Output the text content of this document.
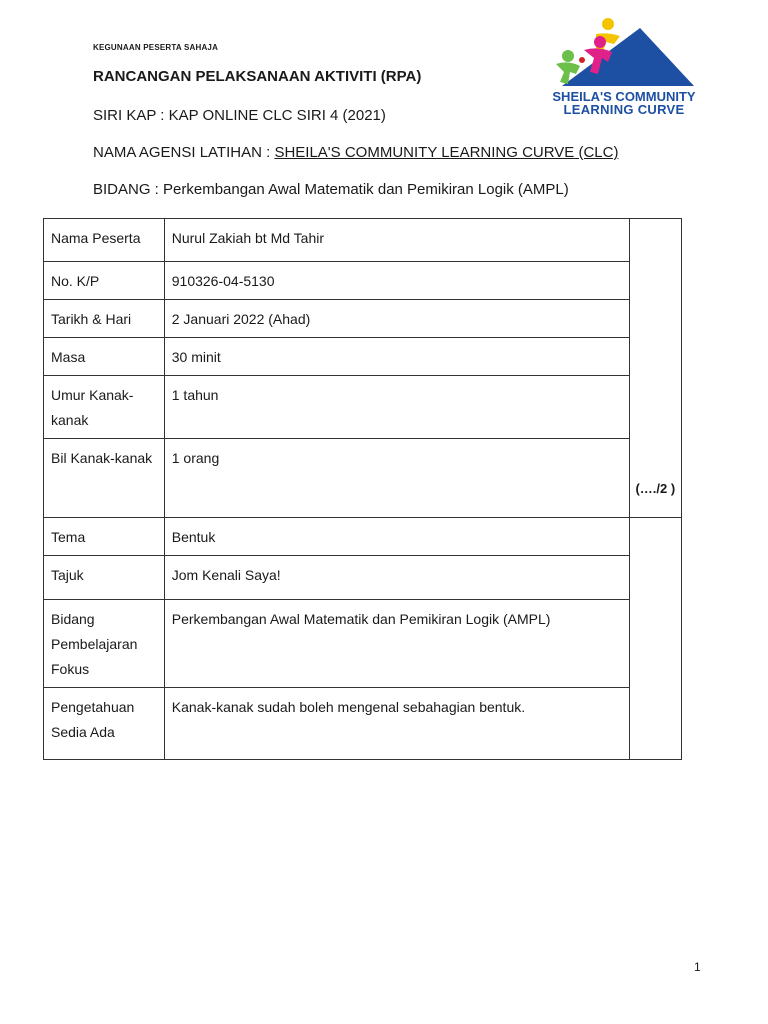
KEGUNAAN PESERTA SAHAJA
SHEILA'S COMMUNITY
LEARNING CURVE
RANCANGAN PELAKSANAAN AKTIVITI (RPA)
SIRI KAP : KAP ONLINE CLC SIRI 4 (2021)
NAMA AGENSI LATIHAN : SHEILA'S COMMUNITY LEARNING CURVE (CLC)
BIDANG : Perkembangan Awal Matematik dan Pemikiran Logik (AMPL)
Nama Peserta	Nurul Zakiah bt Md Tahir	(…./2 )
No. K/P	910326-04-5130	
Tarikh & Hari	2 Januari 2022 (Ahad)	
Masa	30 minit	
Umur Kanak-kanak	1 tahun	
Bil Kanak-kanak	1 orang	
Tema	Bentuk	
Tajuk	Jom Kenali Saya!	
Bidang Pembelajaran Fokus	Perkembangan Awal Matematik dan Pemikiran Logik (AMPL)	
Pengetahuan Sedia Ada	Kanak-kanak sudah boleh mengenal sebahagian bentuk.	
1
